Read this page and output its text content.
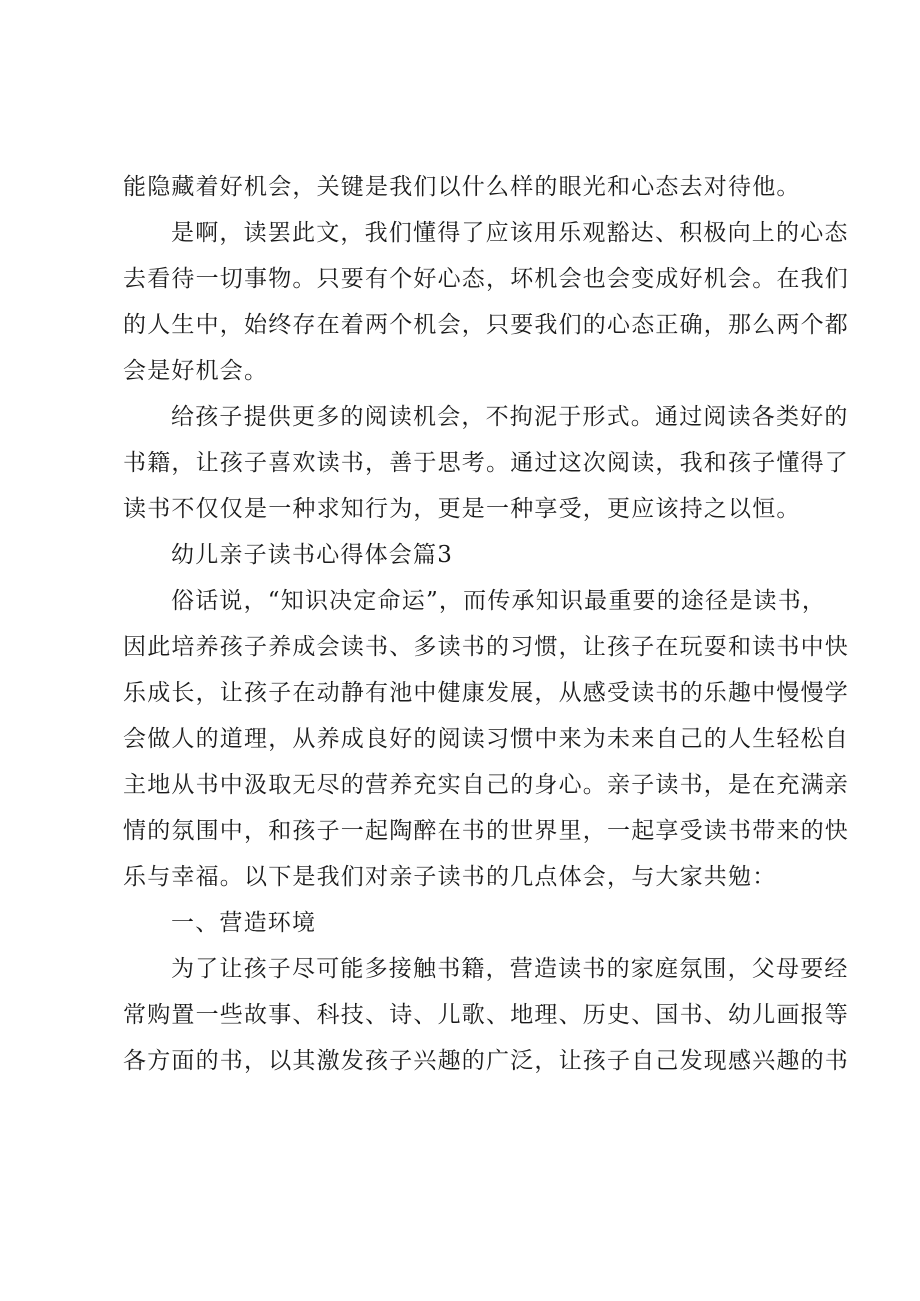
能隐藏着好机会，关键是我们以什么样的眼光和心态去对待他。
是啊，读罢此文，我们懂得了应该用乐观豁达、积极向上的心态
去看待一切事物。只要有个好心态，坏机会也会变成好机会。在我们
的人生中，始终存在着两个机会，只要我们的心态正确，那么两个都
会是好机会。
给孩子提供更多的阅读机会，不拘泥于形式。通过阅读各类好的
书籍，让孩子喜欢读书，善于思考。通过这次阅读，我和孩子懂得了
读书不仅仅是一种求知行为，更是一种享受，更应该持之以恒。
幼儿亲子读书心得体会篇3
俗话说，“知识决定命运”，而传承知识最重要的途径是读书，
因此培养孩子养成会读书、多读书的习惯，让孩子在玩耍和读书中快
乐成长，让孩子在动静有池中健康发展，从感受读书的乐趣中慢慢学
会做人的道理，从养成良好的阅读习惯中来为未来自己的人生轻松自
主地从书中汲取无尽的营养充实自己的身心。亲子读书，是在充满亲
情的氛围中，和孩子一起陶醉在书的世界里，一起享受读书带来的快
乐与幸福。以下是我们对亲子读书的几点体会，与大家共勉：
一、营造环境
为了让孩子尽可能多接触书籍，营造读书的家庭氛围，父母要经
常购置一些故事、科技、诗、儿歌、地理、历史、国书、幼儿画报等
各方面的书，以其激发孩子兴趣的广泛，让孩子自己发现感兴趣的书
